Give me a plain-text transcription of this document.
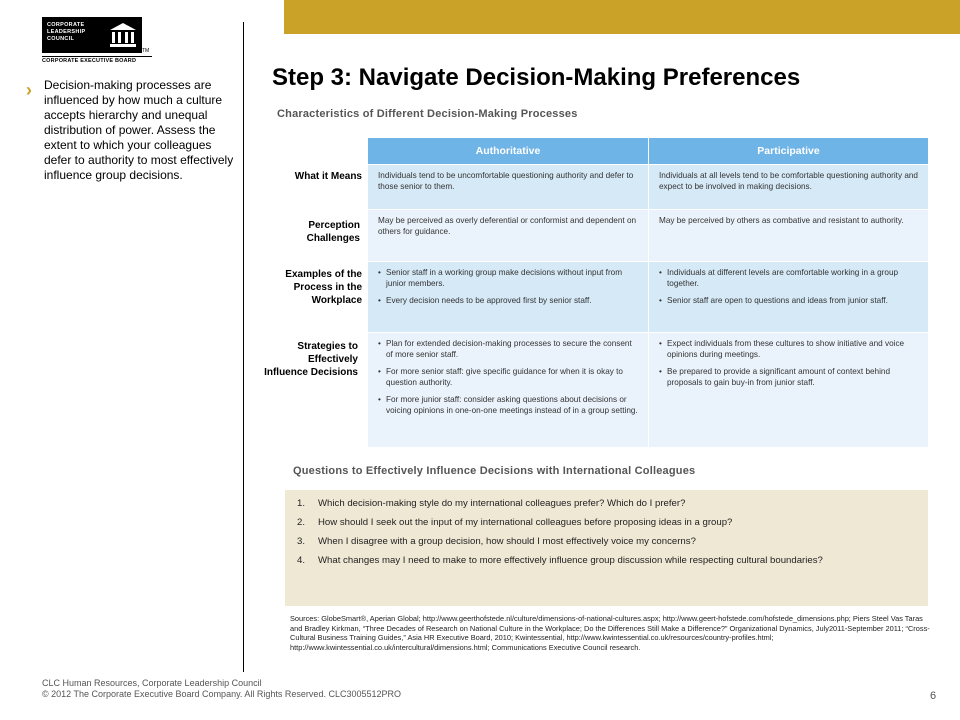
CORPORATE
LEADERSHIP
COUNCIL
TM
CORPORATE EXECUTIVE BOARD
› Decision-making processes are influenced by how much a culture accepts hierarchy and unequal distribution of power. Assess the extent to which your colleagues defer to authority to most effectively influence group decisions.
Step 3: Navigate Decision-Making Preferences
Characteristics of Different Decision-Making Processes
What it Means
Perception Challenges
Examples of the Process in the Workplace
Strategies to Effectively Influence Decisions
Authoritative	Participative
Individuals tend to be uncomfortable questioning authority and defer to those senior to them.
Individuals at all levels tend to be comfortable questioning authority and expect to be involved in making decisions.
May be perceived as overly deferential or conformist and dependent on others for guidance.
May be perceived by others as combative and resistant to authority.
• Senior staff in a working group make decisions without input from junior members.
• Every decision needs to be approved first by senior staff.
• Individuals at different levels are comfortable working in a group together.
• Senior staff are open to questions and ideas from junior staff.
• Plan for extended decision-making processes to secure the consent of more senior staff.
• For more senior staff: give specific guidance for when it is okay to question authority.
• For more junior staff: consider asking questions about decisions or voicing opinions in one-on-one meetings instead of in a group setting.
• Expect individuals from these cultures to show initiative and voice opinions during meetings.
• Be prepared to provide a significant amount of context behind proposals to gain buy-in from junior staff.
Questions to Effectively Influence Decisions with International Colleagues
1. Which decision-making style do my international colleagues prefer? Which do I prefer?
2. How should I seek out the input of my international colleagues before proposing ideas in a group?
3. When I disagree with a group decision, how should I most effectively voice my concerns?
4. What changes may I need to make to more effectively influence group discussion while respecting cultural boundaries?
Sources: GlobeSmart®, Aperian Global; http://www.geerthofstede.nl/culture/dimensions-of-national-cultures.aspx; http://www.geert-hofstede.com/hofstede_dimensions.php; Piers Steel Vas Taras and Bradley Kirkman, “Three Decades of Research on National Culture in the Workplace; Do the Differences Still Make a Difference?” Organizational Dynamics, July2011-September 2011; “Cross-Cultural Business Training Guides,” Asia HR Executive Board, 2010; Kwintessential, http://www.kwintessential.co.uk/resources/country-profiles.html; http://www.kwintessential.co.uk/intercultural/dimensions.html; Communications Executive Council research.
CLC Human Resources, Corporate Leadership Council
© 2012 The Corporate Executive Board Company. All Rights Reserved. CLC3005512PRO	6
